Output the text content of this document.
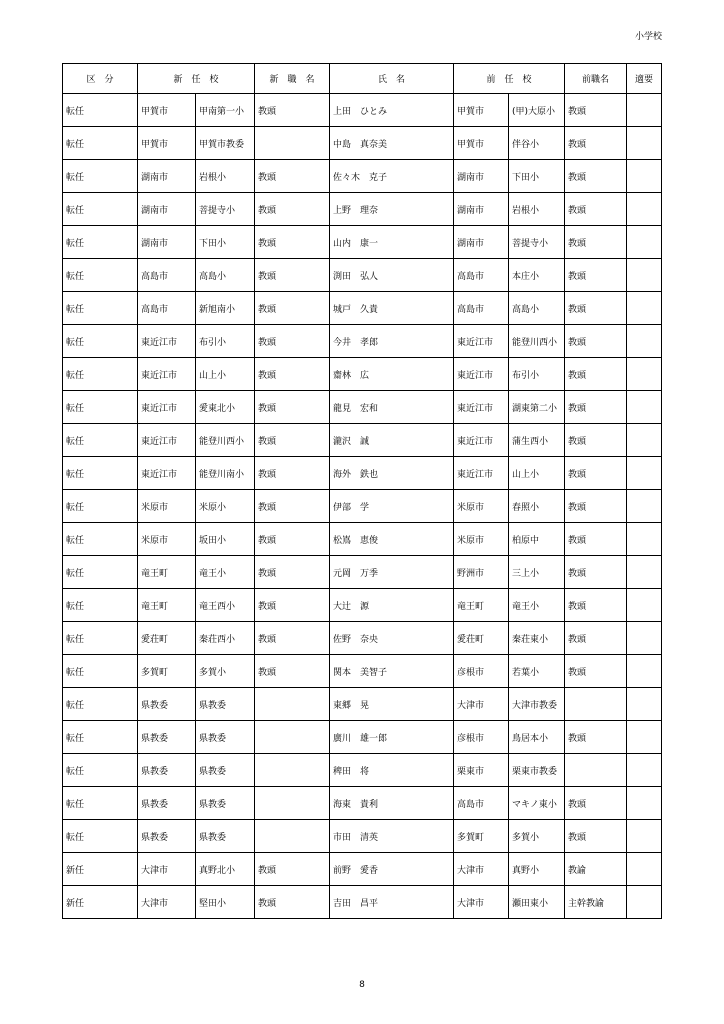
小学校
区　分	新　任　校		新　職　名	氏　名	前　任　校		前職名	適要
転任	甲賀市	甲南第一小	教頭	上田　ひとみ	甲賀市	(甲)大原小	教頭	
転任	甲賀市	甲賀市教委		中島　真奈美	甲賀市	伴谷小	教頭	
転任	湖南市	岩根小	教頭	佐々木　克子	湖南市	下田小	教頭	
転任	湖南市	菩提寺小	教頭	上野　理奈	湖南市	岩根小	教頭	
転任	湖南市	下田小	教頭	山内　康一	湖南市	菩提寺小	教頭	
転任	高島市	高島小	教頭	渕田　弘人	高島市	本庄小	教頭	
転任	高島市	新旭南小	教頭	城戸　久貴	高島市	高島小	教頭	
転任	東近江市	布引小	教頭	今井　孝郎	東近江市	能登川西小	教頭	
転任	東近江市	山上小	教頭	齋林　広	東近江市	布引小	教頭	
転任	東近江市	愛東北小	教頭	龍見　宏和	東近江市	湖東第二小	教頭	
転任	東近江市	能登川西小	教頭	瀧沢　誠	東近江市	蒲生西小	教頭	
転任	東近江市	能登川南小	教頭	海外　鉄也	東近江市	山上小	教頭	
転任	米原市	米原小	教頭	伊部　学	米原市	春照小	教頭	
転任	米原市	坂田小	教頭	松嶌　恵俊	米原市	柏原中	教頭	
転任	竜王町	竜王小	教頭	元岡　万季	野洲市	三上小	教頭	
転任	竜王町	竜王西小	教頭	大辻　源	竜王町	竜王小	教頭	
転任	愛荘町	秦荘西小	教頭	佐野　奈央	愛荘町	秦荘東小	教頭	
転任	多賀町	多賀小	教頭	関本　美智子	彦根市	若葉小	教頭	
転任	県教委	県教委		東郷　晃	大津市	大津市教委		
転任	県教委	県教委		廣川　雄一郎	彦根市	鳥居本小	教頭	
転任	県教委	県教委		稗田　将	栗東市	栗東市教委		
転任	県教委	県教委		海東　貴利	高島市	マキノ東小	教頭	
転任	県教委	県教委		市田　清英	多賀町	多賀小	教頭	
新任	大津市	真野北小	教頭	前野　愛香	大津市	真野小	教諭	
新任	大津市	堅田小	教頭	吉田　昌平	大津市	瀬田東小	主幹教諭	
8
